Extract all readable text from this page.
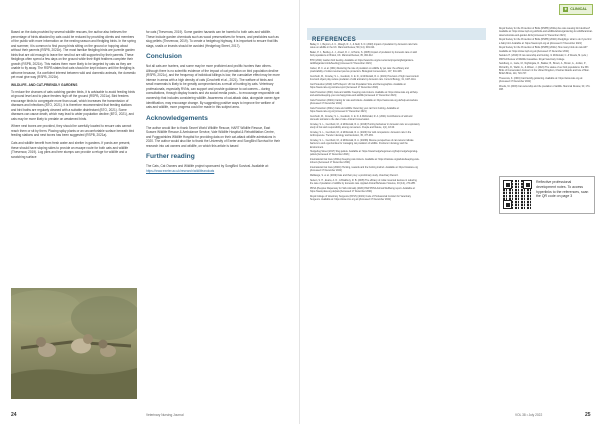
Based on the data provided by several wildlife rescues, the author also believes the percentage of birds attacked by cats could be reduced by providing clients and members of the public with more information on the nesting season and fledgling birds. In the spring and summer, it is common to find young birds sitting on the ground or hopping about without their parents (RSPB, 2021b). The most familiar fledgling birds are juvenile garden birds that are old enough to leave the nest but are still supported by their parents. These fledglings often spend a few days on the ground while their flight feathers complete their growth (RSPB, 2021b). This makes them more likely to be targeted by cats as they are unable to fly away. The RSPB states that cats should be kept indoors until the fledgling is airborne because, if a confident interest between wild and domestic animals, the domestic pet must give way (RSPB, 2021b).

WILDLIFE- AND CAT-FRIENDLY GARDENS

To reduce the chances of cats catching garden birds, it is advisable to avoid feeding birds at ground level and to place feeders high off the ground (RSPB, 2021a). Bird feeders encourage birds to congregate more than usual, which increases the transmission of diseases and infections (BTO, 2021). It is therefore recommended that feeding stations and bird baths are regularly cleaned with a suitable disinfectant (BTO, 2021). Some diseases can cause death, which may lead to wider population decline (BTO, 2021), and cats may be more likely to predate on weakened birds.

Where nest boxes are provided, they should be carefully located to ensure cats cannot reach them or sit by them. Placing spiky plants or an uncomfortable surface beneath bird feeding stations and nest boxes has been suggested (RSPB, 2021a).

Cats and wildlife benefit from fresh water and shelter in gardens. If ponds are present, these should have sloping sides to provide an escape route for both cats and wildlife (Thevenow, 2019). Log piles and tree stumps can provide a refuge for wildlife and a scratching surface

for cats (Thevenow, 2019). Some garden hazards can be harmful to both cats and wildlife. These include garden chemicals such as wood preservatives for fences, and pesticides such as slug pellets (Thevenow, 2019). To create a hedgehog highway, it is important to ensure that lilts stags, snails or insects should be avoided (Hedgehog Street, 2017).

Conclusion

Not all cats are hunters, and some may be more proficient and prolific hunters than others. Although there is no scientific evidence of the impact of cat predation on bird population decline (RSPB, 2021c), and the frequency of individual killings is low, the cumulative effect may be more intense in areas with a high density of cats (Cecchetti et al., 2021). The welfare of birds and small mammals is likely to be greatly compromised as a result of hunting by cats. Veterinary professionals, especially RVNs, can support and provide guidance to cat owners – during consultations, through display boards and via social media posts – to encourage responsible cat ownership that includes considering wildlife. Awareness of cat-attack data, alongside owner-type identification, may encourage change. By suggesting positive ways to improve the welfare of cats and wildlife, more progress could be made in this subject area.

Acknowledgements

The author would like to thank Secret World Wildlife Rescue, HART Wildlife Rescue, East Sussex Wildlife Rescue & Ambulance Service, Vale Wildlife Hospital & Rehabilitation Centre, and Foggywinkles Wildlife Hospital for providing data on their cat-attack wildlife admissions in 2020. The author would also like to thank the University of Exeter and SongBird Survival for their research into cat owners and wildlife, on which this article is based

Further reading

The Cats, Cat Owners and Wildlife project sponsored by SongBird Survival. Available at: https://www.exeter.ac.uk/research/wildlifeandcats

24	Veterinary Nursing Journal
✚ CLINICAL
REFERENCES
Bailey, F. I., Beynon, A. C., Waugh, R. J., & Neill, S. D. (2020) Impact of predation by domestic cats Felis catus on wildlife in the UK. Mammal Review, 50 (3-4), 303-314.
Baker, P. J., Bentley, A. J., Ansell, R. J., & Harris, S. (2005) Impact of predation by domestic cats on wild bird populations in Bristol, UK. Mammal Review, 35, 302-312.
BTO (2021) Garden bird feeding. Available at: https://www.bto.org/our-science/projects/gbw/gardens-wildlife/garden-birds/feeding [Accessed 17 December 2021]
Calver, M. C. et al. (2011) Reducing the rate of predation on wildlife by pet cats: the efficacy and practicability of collar-mounted pounce protectors. Biological Conservation, 137, 341-348.
Cecchetti, M., Crowley, S. L., Goodwin, C. E. D., & McDonald, R. A. (2021) Provision of high meat content food and object play reduce predation of wild animals by domestic cats. Current Biology, 31, 1107-1111.
Cat Protection (2019) CATS Report: UK Cat Population Size and Demographics. Available at: https://www.cats.org.uk/cats-report [Accessed 17 December 2021]
Cats Protection (2021) Cats and wildlife: Keeping cats indoors. Available at: https://www.cats.org.uk/help-and-advice/keeping-your-cat-happy/cats-and-wildlife [Accessed 17 December 2021]
Cats Protection (2021b) Caring for cats and kittens. Available at: https://www.cats.org.uk/help-and-advice [Accessed 17 December 2021]
Cats Protection (2021c) Cats and wildlife: Deterring your cat from hunting. Available at: https://www.cats.org.uk [Accessed 17 December 2021]
Cecchetti, M., Crowley, S. L., Goodwin, C. E. D. & McDonald, R. A. (2021) Contributions of wild and domestic animals to the diet of cats. Animal Conservation.
Crowley, S. L., Cecchetti, M., & McDonald, R. A. (2019) Hunting behaviour in domestic cats: an exploratory study of risk and responsibility among cat owners. People and Nature, 1(1), 18-30.
Crowley, S. L., Cecchetti, M., & McDonald, R. A. (2020) Our wild companions: domestic cats in the Anthropocene. Trends in Ecology and Evolution, 35, 477-483.
Crowley, S. L., Cecchetti, M., & McDonald, R. A. (2020b) Diverse perspectives of cat owners indicate barriers to and opportunities for managing cat predation of wildlife. Frontiers in Ecology and the Environment.
Hedgehog Street (2017) Slug pellets. Available at: https://www.hedgehogstreet.org/help-hedgehogs/slug-pellets [Accessed 17 December 2021]
International Cat Care (2021a) Keeping cats indoors. Available at: https://icatcare.org/advice/keeping-cats-indoors [Accessed 17 December 2021]
International Cat Care (2021b) Hunting, rewards and the hunting instinct. Available at: https://icatcare.org [Accessed 17 December 2021]
Mahlangu, S. et al. (2019) Cats and their prey: a preliminary study. Veterinary Record.
Nelson, S. H., Evans, A. D., & Bradbury, R. B. (2005) The efficacy of collar-mounted devices in reducing the rate of predation of wildlife by domestic cats. Applied Animal Behaviour Science, 94 (3-4), 273-285.
PDSA (Peoples Dispensary for Sick Animals) (2020) PAW PDSA Animal Wellbeing report. Available at: https://www.pdsa.org.uk/paw [Accessed 17 December 2021]
Royal College of Veterinary Surgeons (RCVS) (2021) Code of Professional Conduct for Veterinary Surgeons. Available at: https://www.rcvs.org.uk [Accessed 17 December 2021]
Royal Society for the Protection of Birds (RSPB) (2021a) Are cats causing bird declines? Available at: https://www.rspb.org.uk/birds-and-wildlife/advice/gardening-for-wildlife/animal-deterrents/cats-and-garden-birds [Accessed 17 December 2021]
Royal Society for the Protection of Birds (RSPB) (2021b) Fledglings: what to do if you find a baby bird. Available at: https://www.rspb.org.uk [Accessed 17 December 2021]
Royal Society for the Protection of Birds (RSPB) (2021c) How many birds do cats kill? Available at: https://www.rspb.org.uk [Accessed 17 December 2021]
Sanders H. (2019) Of cat ownership and hunting. In McDonald, C. & Woods, M. (eds.) RSPCA Review of Wildlife Casualties. Royal Veterinary College.
Sandberg, A., Gaze, M., Nightingale, R., Bakker, B., Brown, A., Brown, A., Jordan, P., McCarthy, R., Webb, G., & Wilson, J. (2021) The status of our bird populations: the fifth Birds of Conservation Concern in the United Kingdom, Channel Islands and Isle of Man. British Birds, 114, 723-747.
Thevenow, K. (2019) Cat-friendly gardening. Available at: https://www.cats.org.uk [Accessed 17 December 2021]
Woods, M. (2003) Cat ownership and the predation of wildlife. Mammal Review, 33, 174-188.
Reflective professional development notes. To access hyperlinks to the references, scan the QR code on page 3
VOL 38 • July 2022	25
